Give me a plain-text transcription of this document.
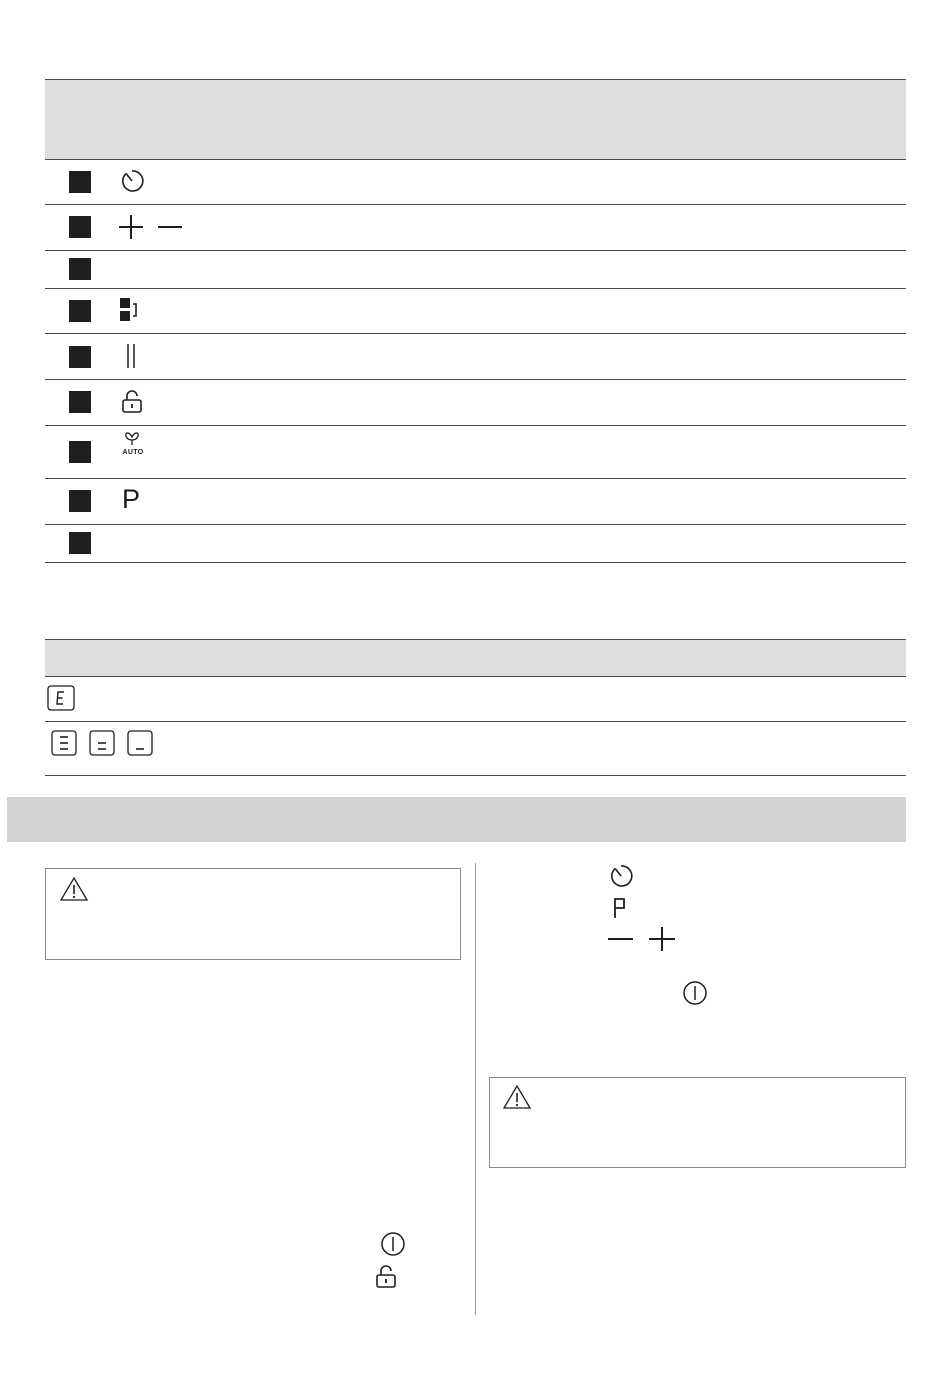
AUTO
P
